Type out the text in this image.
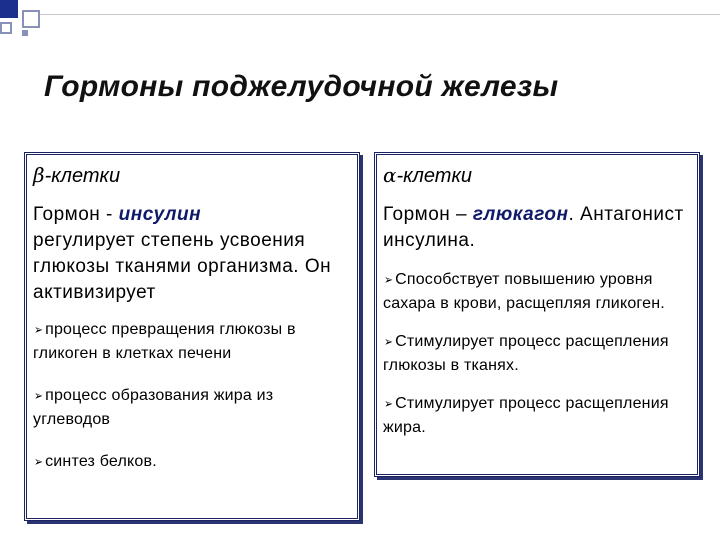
Гормоны поджелудочной железы

β-клетки

Гормон - инсулин
регулирует степень усвоения глюкозы тканями организма. Он активизирует

➢ процесс превращения глюкозы в гликоген в клетках печени

➢ процесс образования жира из углеводов

➢ синтез белков.

α-клетки

Гормон – глюкагон. Антагонист инсулина.

➢ Способствует повышению уровня сахара в крови, расщепляя гликоген.

➢ Стимулирует процесс расщепления глюкозы в тканях.

➢ Стимулирует процесс расщепления жира.
